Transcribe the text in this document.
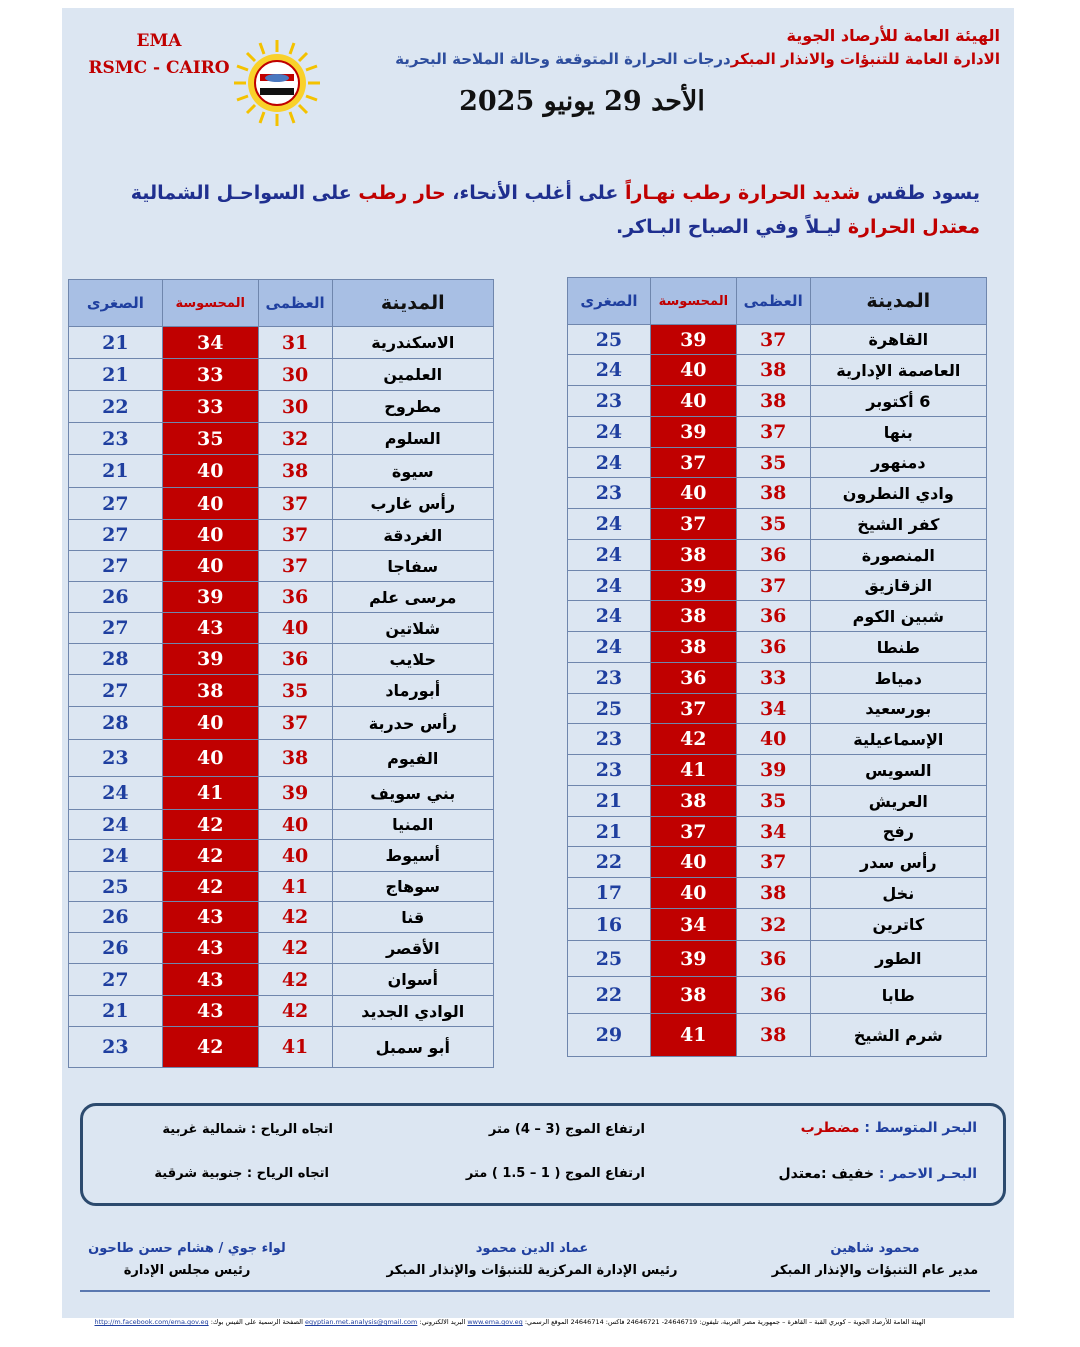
EMA
RSMC - CAIRO
الهيئة العامة للأرصاد الجوية
الادارة العامة للتنبؤات والانذار المبكردرجات الحرارة المتوقعة وحالة الملاحة البحرية
الأحد 29 يونيو 2025
يسود طقس شديد الحرارة رطب نهـاراً على أغلب الأنحاء، حار رطب على السواحـل الشمالية معتدل الحرارة ليـلاً وفي الصباح البـاكر.
المدينة	العظمى	المحسوسة	الصغرى
القاهرة	37	39	25
العاصمة الإدارية	38	40	24
6 أكتوبر	38	40	23
بنها	37	39	24
دمنهور	35	37	24
وادي النطرون	38	40	23
كفر الشيخ	35	37	24
المنصورة	36	38	24
الزقازيق	37	39	24
شبين الكوم	36	38	24
طنطا	36	38	24
دمياط	33	36	23
بورسعيد	34	37	25
الإسماعيلية	40	42	23
السويس	39	41	23
العريش	35	38	21
رفح	34	37	21
رأس سدر	37	40	22
نخل	38	40	17
كاترين	32	34	16
الطور	36	39	25
طابا	36	38	22
شرم الشيخ	38	41	29
المدينة	العظمى	المحسوسة	الصغرى
الاسكندرية	31	34	21
العلمين	30	33	21
مطروح	30	33	22
السلوم	32	35	23
سيوة	38	40	21
رأس غارب	37	40	27
الغردقة	37	40	27
سفاجا	37	40	27
مرسى علم	36	39	26
شلاتين	40	43	27
حلايب	36	39	28
أبورماد	35	38	27
رأس حدربة	37	40	28
الفيوم	38	40	23
بني سويف	39	41	24
المنيا	40	42	24
أسيوط	40	42	24
سوهاج	41	42	25
قنا	42	43	26
الأقصر	42	43	26
أسوان	42	43	27
الوادي الجديد	42	43	21
أبو سمبل	41	42	23
البحر المتوسط : مضطرب
ارتفاع الموج (3 – 4) متر
اتجاه الرياح : شمالية غربية
البحـر الاحمر : خفيف :معتدل
ارتفاع الموج ( 1 – 1.5 ) متر
اتجاه الرياح : جنوبية شرقية
محمود شاهين
مدير عام التنبؤات والإنذار المبكر
عماد الدين محمود
رئيس الإدارة المركزية للتنبؤات والإنذار المبكر
لواء جوي / هشام حسن طاحون
رئيس مجلس الإدارة
الهيئة العامة للأرصاد الجوية – كوبري القبة – القاهرة – جمهورية مصر العربية، تليفون: 24646719- 24646721 فاكس: 24646714 الموقع الرسمي: www.ema.gov.eg البريد الالكتروني: egyptian.met.analysis@gmail.com الصفحة الرسمية على الفيس بوك: http://m.facebook.com/ema.gov.eg
